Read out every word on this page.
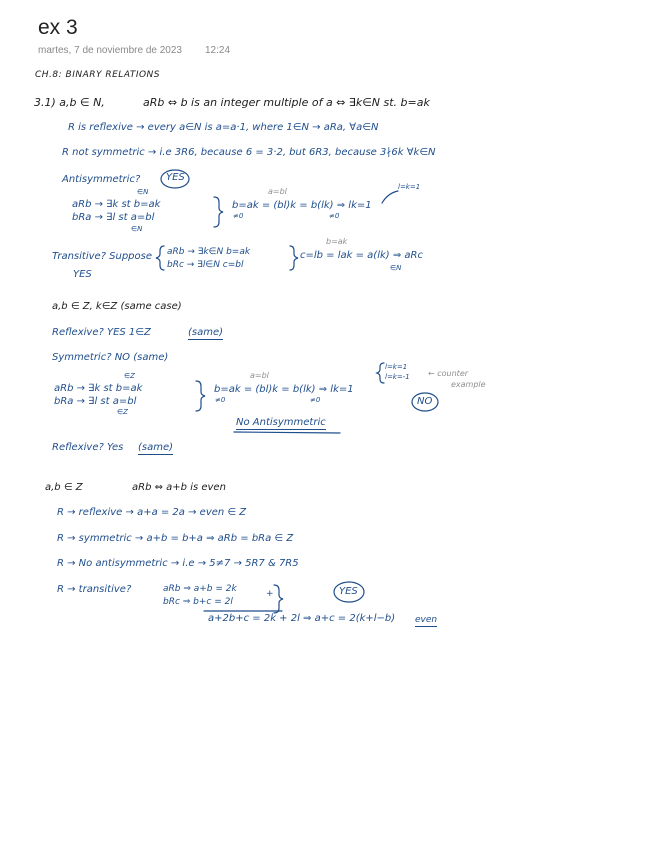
ex 3
martes, 7 de noviembre de 2023 12:24
CH.8: BINARY RELATIONS
3.1) a,b ∈ N,	aRb ⇔ b is an integer multiple of a ⇔ ∃k∈N st. b=ak
R is reflexive → every a∈N is a=a·1, where 1∈N → aRa, ∀a∈N
R not symmetric → i.e 3R6, because 6 = 3·2, but 6R3, because 3∤6k ∀k∈N
Antisymmetric?	YES
∈N
aRb → ∃k st b=ak
bRa → ∃l st a=bl
∈N
a=bl
b=ak = (bl)k = b(lk) ⇒ lk=1
≠0	≠0
l=k=1
Transitive? Suppose aRb → ∃k∈N b=ak
bRc → ∃l∈N c=bl
b=ak
c=lb = lak = a(lk) ⇒ aRc
∈N
YES
a,b ∈ Z, k∈Z (same case)
Reflexive? YES 1∈Z	(same)
Symmetric? NO (same)
∈Z
aRb → ∃k st b=ak
bRa → ∃l st a=bl
∈Z
a=bl
b=ak = (bl)k = b(lk) ⇒ lk=1
≠0	≠0
l=k=1
l=k=-1 ← counter
example
NO
No Antisymmetric
Reflexive? Yes (same)
a,b ∈ Z	aRb ⇔ a+b is even
R → reflexive → a+a = 2a → even ∈ Z
R → symmetric → a+b = b+a ⇒ aRb = bRa ∈ Z
R → No antisymmetric → i.e → 5≠7 → 5R7 & 7R5
R → transitive?	aRb ⇒ a+b = 2k
bRc ⇒ b+c = 2l
+	YES
a+2b+c = 2k + 2l ⇒ a+c = 2(k+l−b) even
